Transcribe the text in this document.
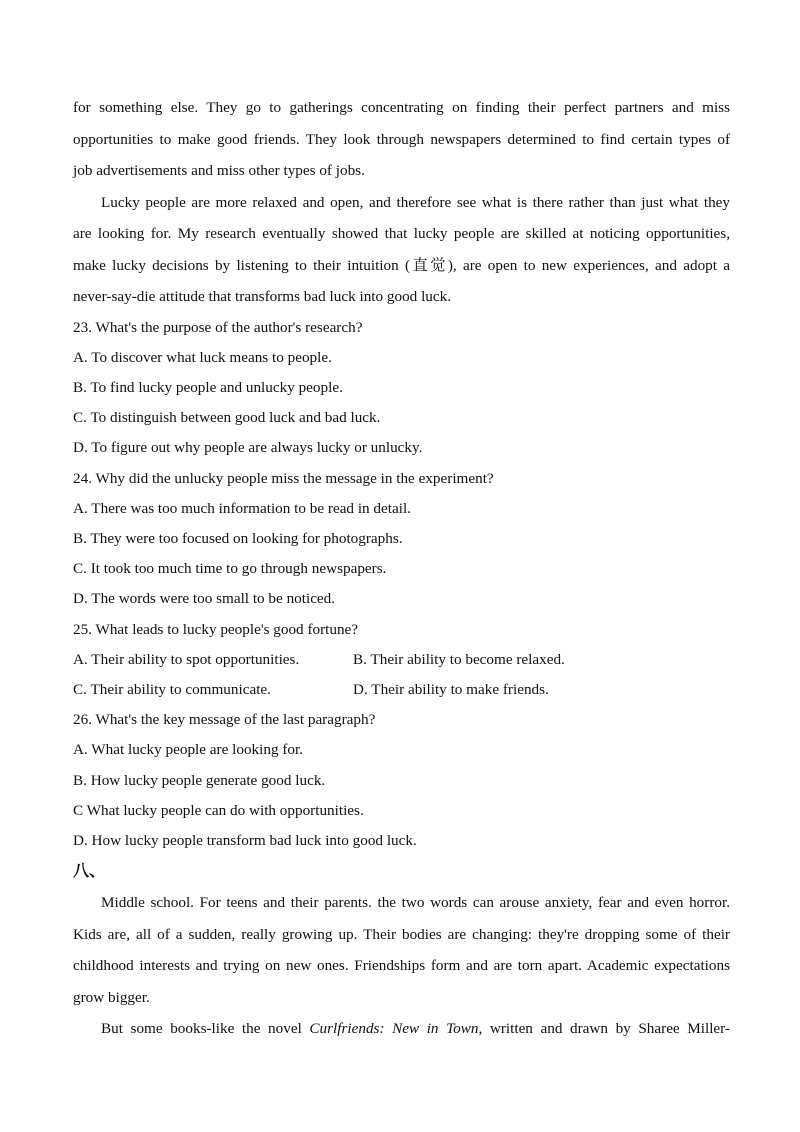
for something else. They go to gatherings concentrating on finding their perfect partners and miss

opportunities to make good friends. They look through newspapers determined to find certain types of

job advertisements and miss other types of jobs.

Lucky people are more relaxed and open, and therefore see what is there rather than just what they

are looking for. My research eventually showed that lucky people are skilled at noticing opportunities,

make lucky decisions by listening to their intuition (直觉), are open to new experiences, and adopt a

never-say-die attitude that transforms bad luck into good luck.

23. What's the purpose of the author's research?

A. To discover what luck means to people.

B. To find lucky people and unlucky people.

C. To distinguish between good luck and bad luck.

D. To figure out why people are always lucky or unlucky.

24. Why did the unlucky people miss the message in the experiment?

A. There was too much information to be read in detail.

B. They were too focused on looking for photographs.

C. It took too much time to go through newspapers.

D. The words were too small to be noticed.

25. What leads to lucky people's good fortune?

A. Their ability to spot opportunities.	B. Their ability to become relaxed.
C. Their ability to communicate.	D. Their ability to make friends.

26. What's the key message of the last paragraph?

A. What lucky people are looking for.

B. How lucky people generate good luck.

C What lucky people can do with opportunities.

D. How lucky people transform bad luck into good luck.

八、

Middle school. For teens and their parents. the two words can arouse anxiety, fear and even horror.

Kids are, all of a sudden, really growing up. Their bodies are changing: they're dropping some of their

childhood interests and trying on new ones. Friendships form and are torn apart. Academic expectations

grow bigger.

But some books-like the novel Curlfriends: New in Town, written and drawn by Sharee Miller-
